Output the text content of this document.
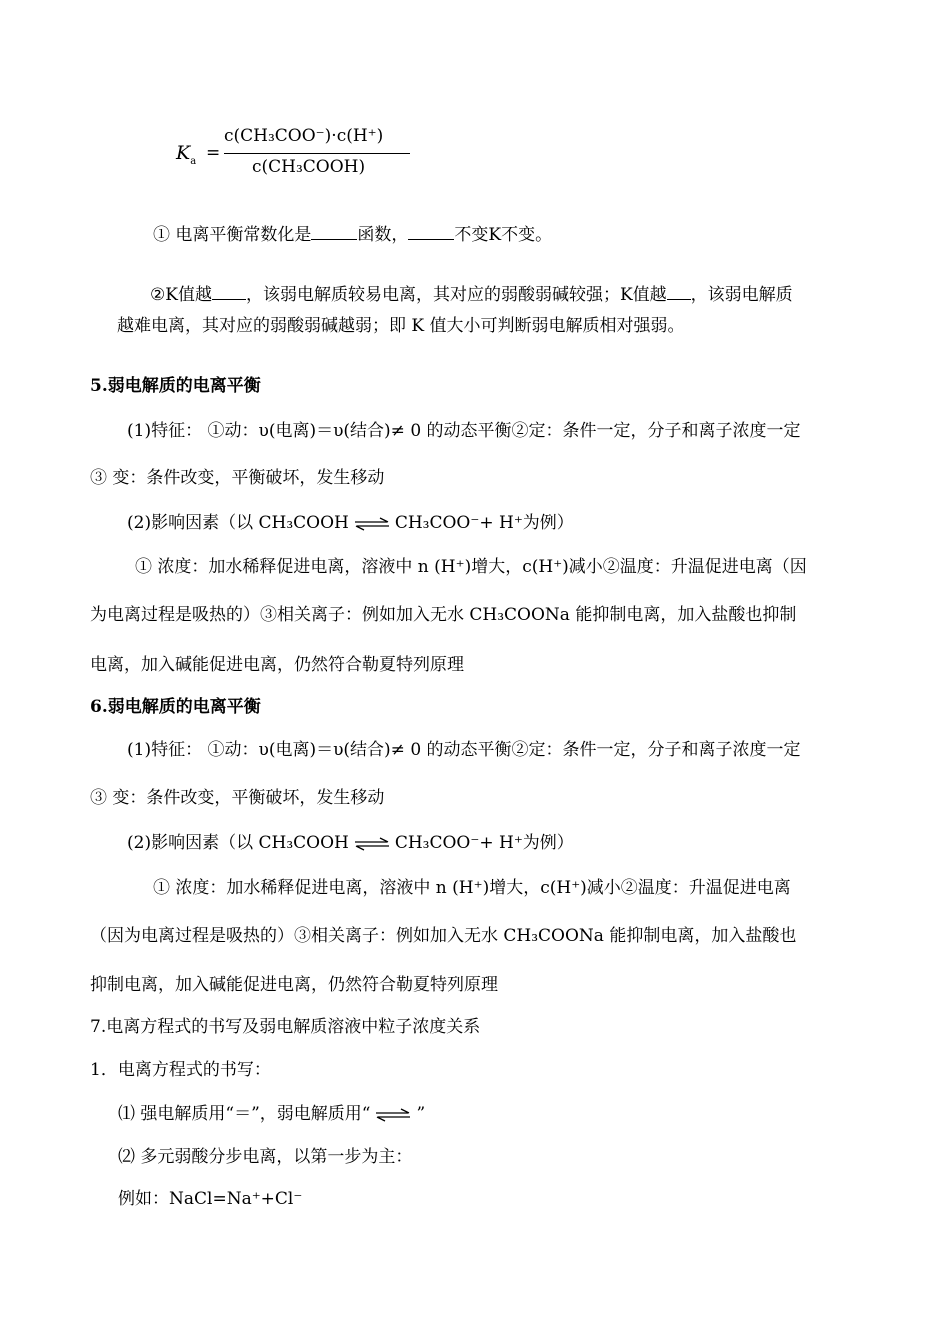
$K_a$ =
c(CH₃COO⁻)·c(H⁺)
c(CH₃COOH)
① 电离平衡常数化是	函数，	不变K不变。
②K值越 ，该弱电解质较易电离，其对应的弱酸弱碱较强；K值越 ，该弱电解质
越难电离，其对应的弱酸弱碱越弱；即 K 值大小可判断弱电解质相对强弱。
5.弱电解质的电离平衡
(1)特征： ①动：υ(电离)＝υ(结合)≠ 0 的动态平衡②定：条件一定，分子和离子浓度一定
③ 变：条件改变，平衡破坏，发生移动
(2)影响因素（以 CH₃COOH ⇌ CH₃COO⁻+ H⁺为例）
① 浓度：加水稀释促进电离，溶液中 n (H⁺)增大，c(H⁺)减小②温度：升温促进电离（因
为电离过程是吸热的）③相关离子：例如加入无水 CH₃COONa 能抑制电离，加入盐酸也抑制
电离，加入碱能促进电离，仍然符合勒夏特列原理
6.弱电解质的电离平衡
(1)特征： ①动：υ(电离)＝υ(结合)≠ 0 的动态平衡②定：条件一定，分子和离子浓度一定
③ 变：条件改变，平衡破坏，发生移动
(2)影响因素（以 CH₃COOH ⇌ CH₃COO⁻+ H⁺为例）
① 浓度：加水稀释促进电离，溶液中 n (H⁺)增大，c(H⁺)减小②温度：升温促进电离
（因为电离过程是吸热的）③相关离子：例如加入无水 CH₃COONa 能抑制电离，加入盐酸也
抑制电离，加入碱能促进电离，仍然符合勒夏特列原理
7.电离方程式的书写及弱电解质溶液中粒子浓度关系
1．电离方程式的书写：
⑴ 强电解质用“＝”，弱电解质用“ ⇌ ”
⑵ 多元弱酸分步电离，以第一步为主：
例如：NaCl=Na⁺+Cl⁻
